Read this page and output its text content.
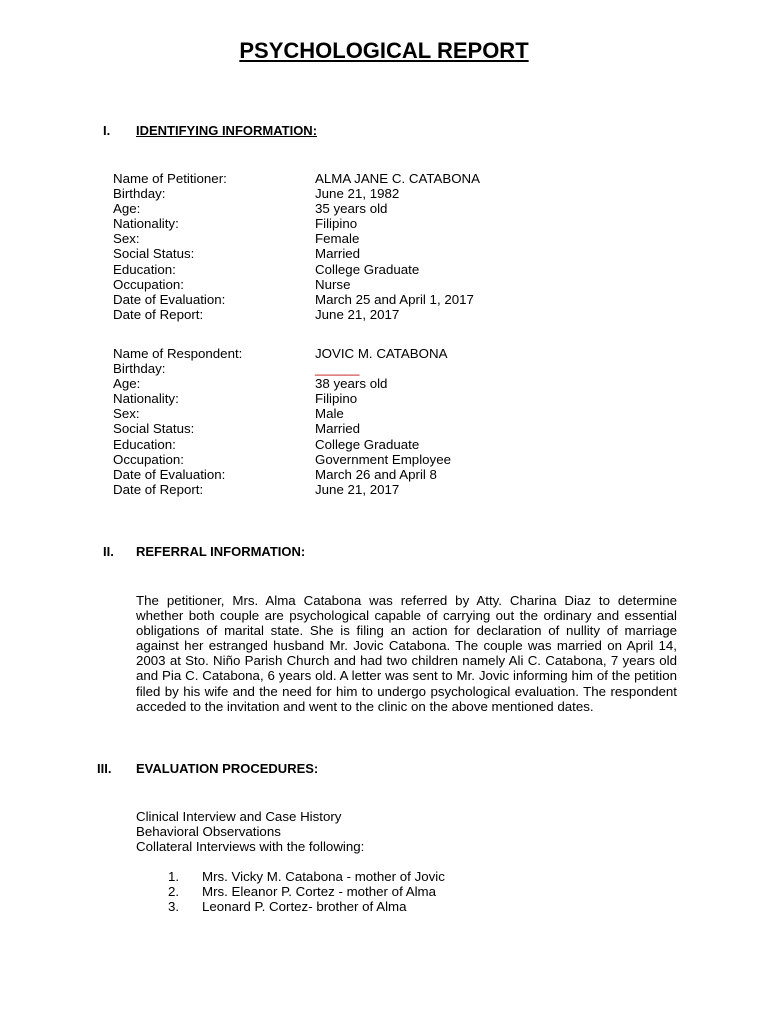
PSYCHOLOGICAL REPORT
I. IDENTIFYING INFORMATION:
Name of Petitioner:	ALMA JANE C. CATABONA
Birthday:	June 21, 1982
Age:	35 years old
Nationality:	Filipino
Sex:	Female
Social Status:	Married
Education:	College Graduate
Occupation:	Nurse
Date of Evaluation:	March 25 and April 1, 2017
Date of Report:	June 21, 2017
Name of Respondent:	JOVIC M. CATABONA
Birthday:	______
Age:	38 years old
Nationality:	Filipino
Sex:	Male
Social Status:	Married
Education:	College Graduate
Occupation:	Government Employee
Date of Evaluation:	March 26 and April 8
Date of Report:	June 21, 2017
II. REFERRAL INFORMATION:
The petitioner, Mrs. Alma Catabona was referred by Atty. Charina Diaz to determine whether both couple are psychological capable of carrying out the ordinary and essential obligations of marital state. She is filing an action for declaration of nullity of marriage against her estranged husband Mr. Jovic Catabona. The couple was married on April 14, 2003 at Sto. Niño Parish Church and had two children namely Ali C. Catabona, 7 years old and Pia C. Catabona, 6 years old. A letter was sent to Mr. Jovic informing him of the petition filed by his wife and the need for him to undergo psychological evaluation. The respondent acceded to the invitation and went to the clinic on the above mentioned dates.
III. EVALUATION PROCEDURES:
Clinical Interview and Case History
Behavioral Observations
Collateral Interviews with the following:
1.	Mrs. Vicky M. Catabona - mother of Jovic
2.	Mrs. Eleanor P. Cortez - mother of Alma
3.	Leonard P. Cortez- brother of Alma
